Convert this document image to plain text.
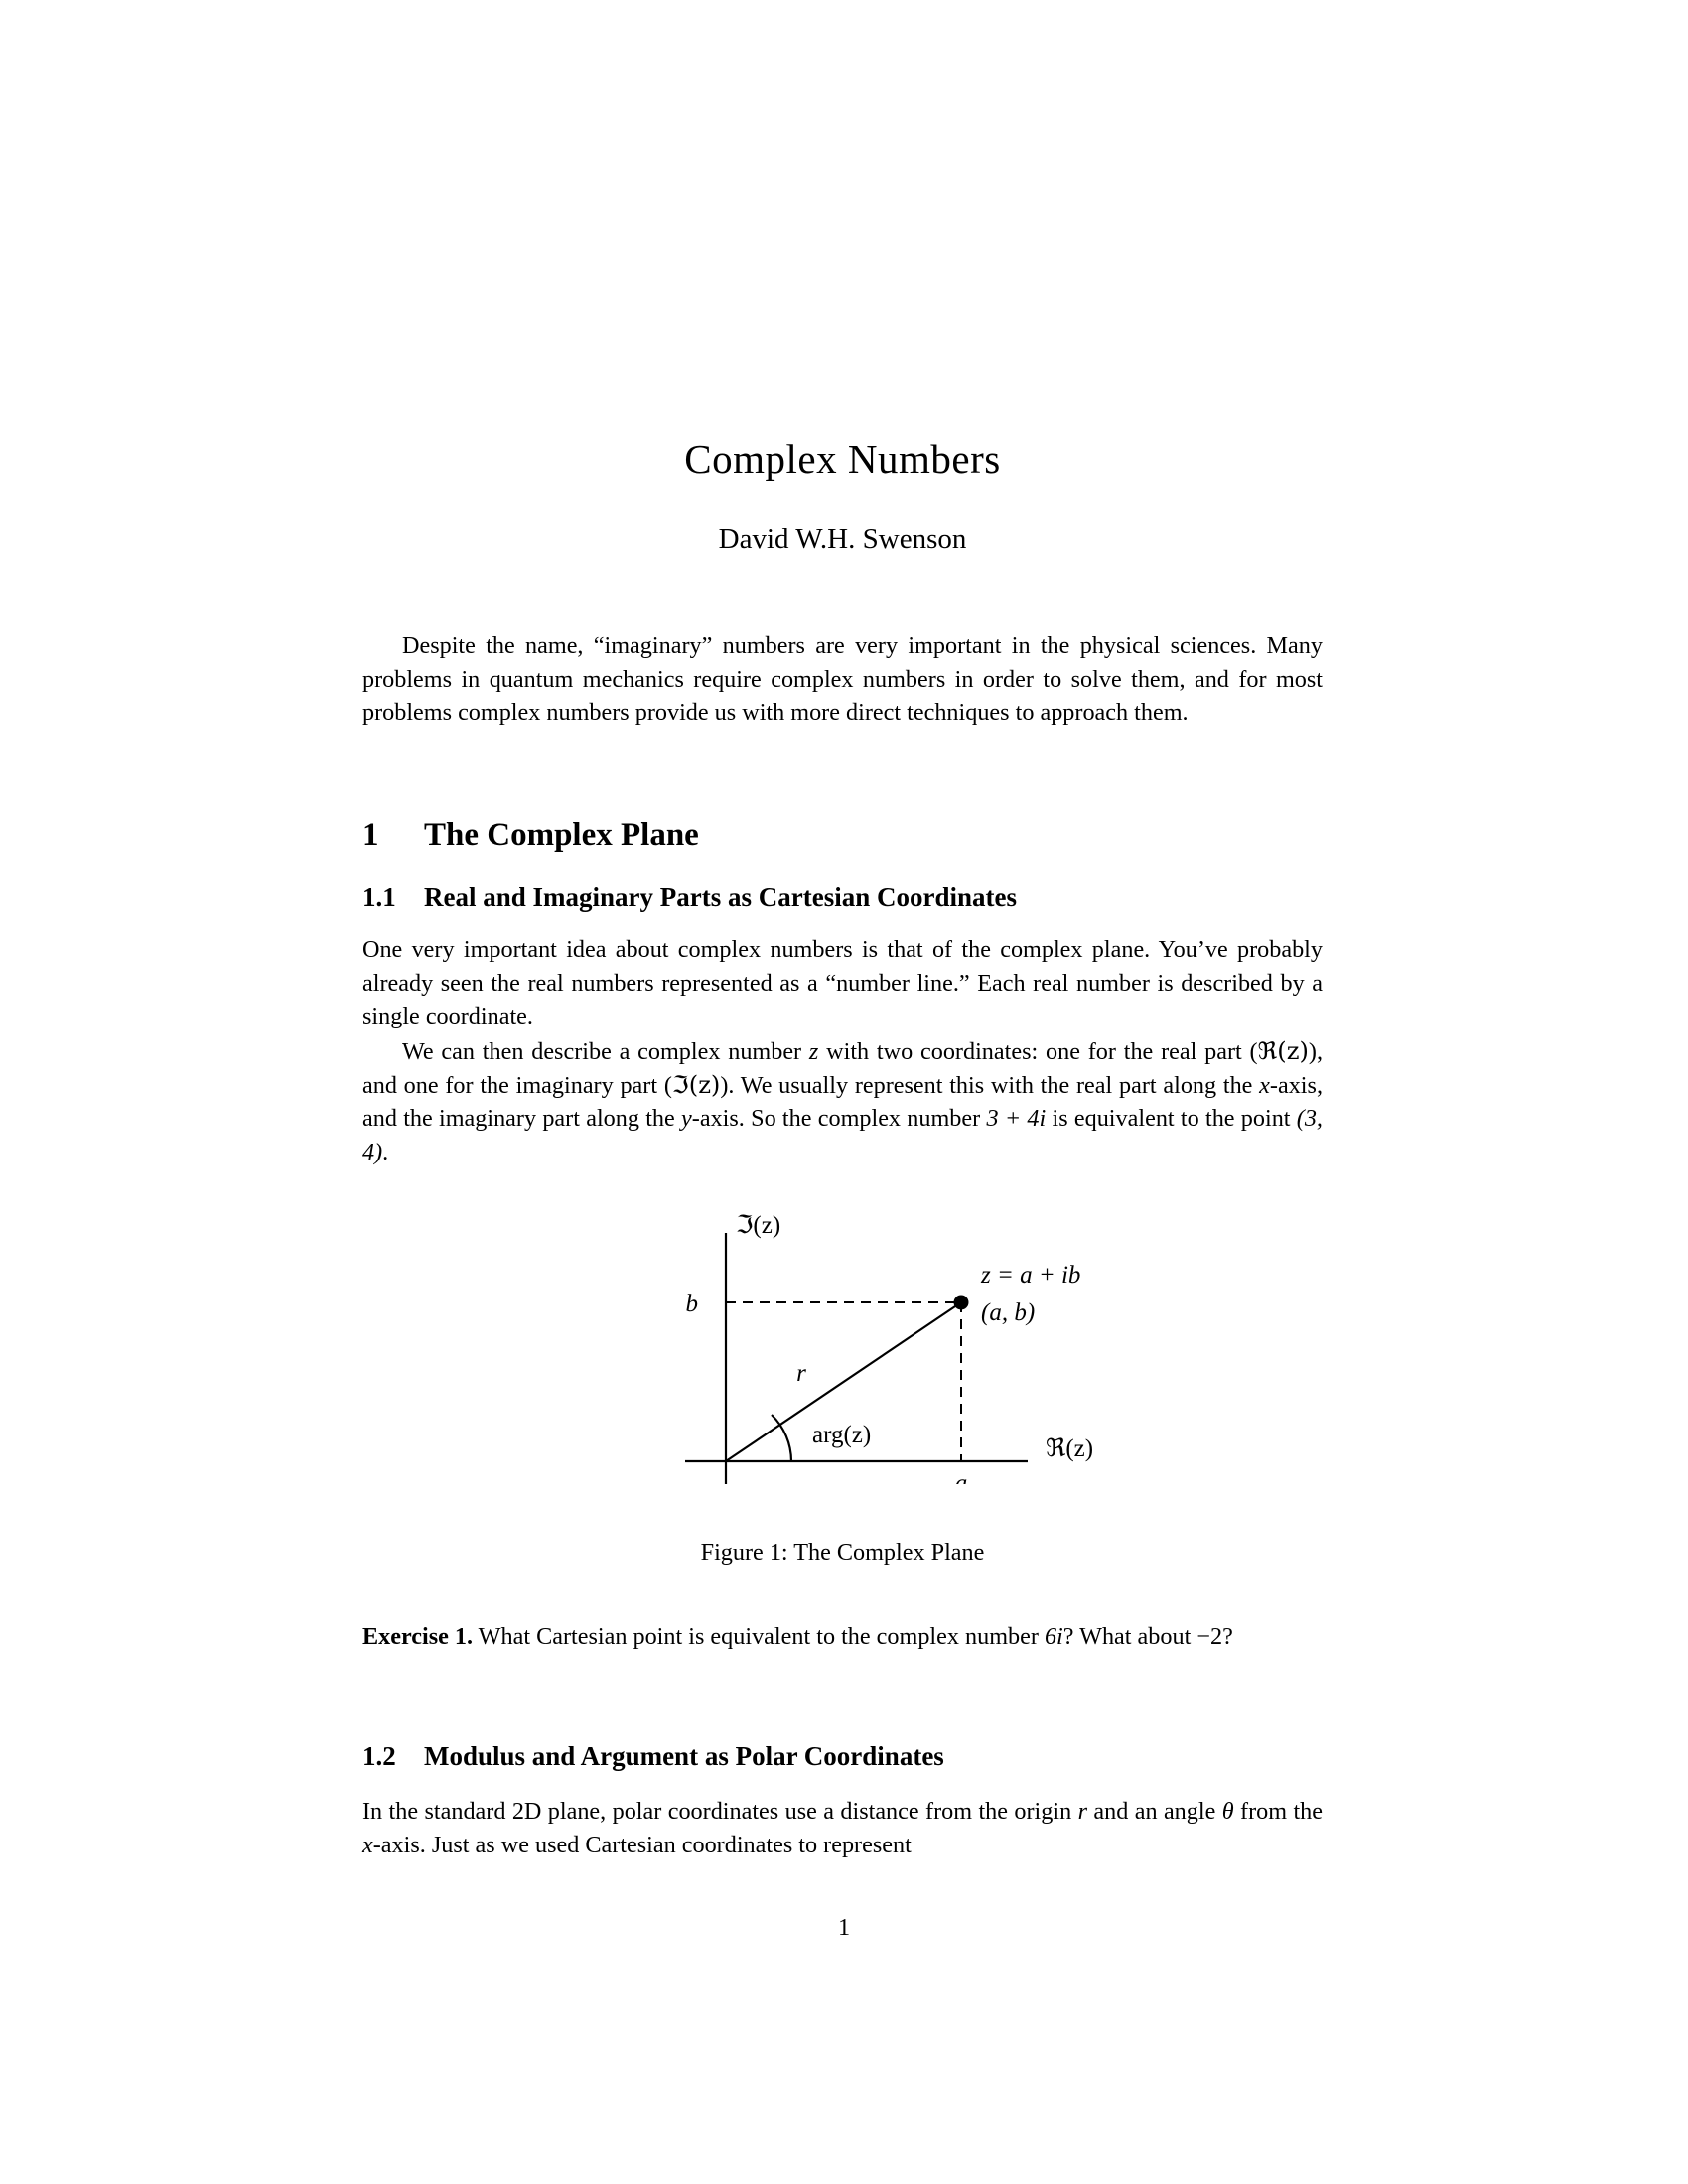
Complex Numbers
David W.H. Swenson

Despite the name, “imaginary” numbers are very important in the physical sciences. Many problems in quantum mechanics require complex numbers in order to solve them, and for most problems complex numbers provide us with more direct techniques to approach them.

1 The Complex Plane
1.1 Real and Imaginary Parts as Cartesian Coordinates

One very important idea about complex numbers is that of the complex plane. You’ve probably already seen the real numbers represented as a “number line.” Each real number is described by a single coordinate.

We can then describe a complex number z with two coordinates: one for the real part (ℜ(z)), and one for the imaginary part (ℑ(z)). We usually represent this with the real part along the x-axis, and the imaginary part along the y-axis. So the complex number 3 + 4i is equivalent to the point (3, 4).

ℑ(z)
ℜ(z)
b
a
z = a + ib
(a, b)
r
arg(z)
Figure 1: The Complex Plane

Exercise 1. What Cartesian point is equivalent to the complex number 6i? What about −2?

1.2 Modulus and Argument as Polar Coordinates

In the standard 2D plane, polar coordinates use a distance from the origin r and an angle θ from the x-axis. Just as we used Cartesian coordinates to represent

1
